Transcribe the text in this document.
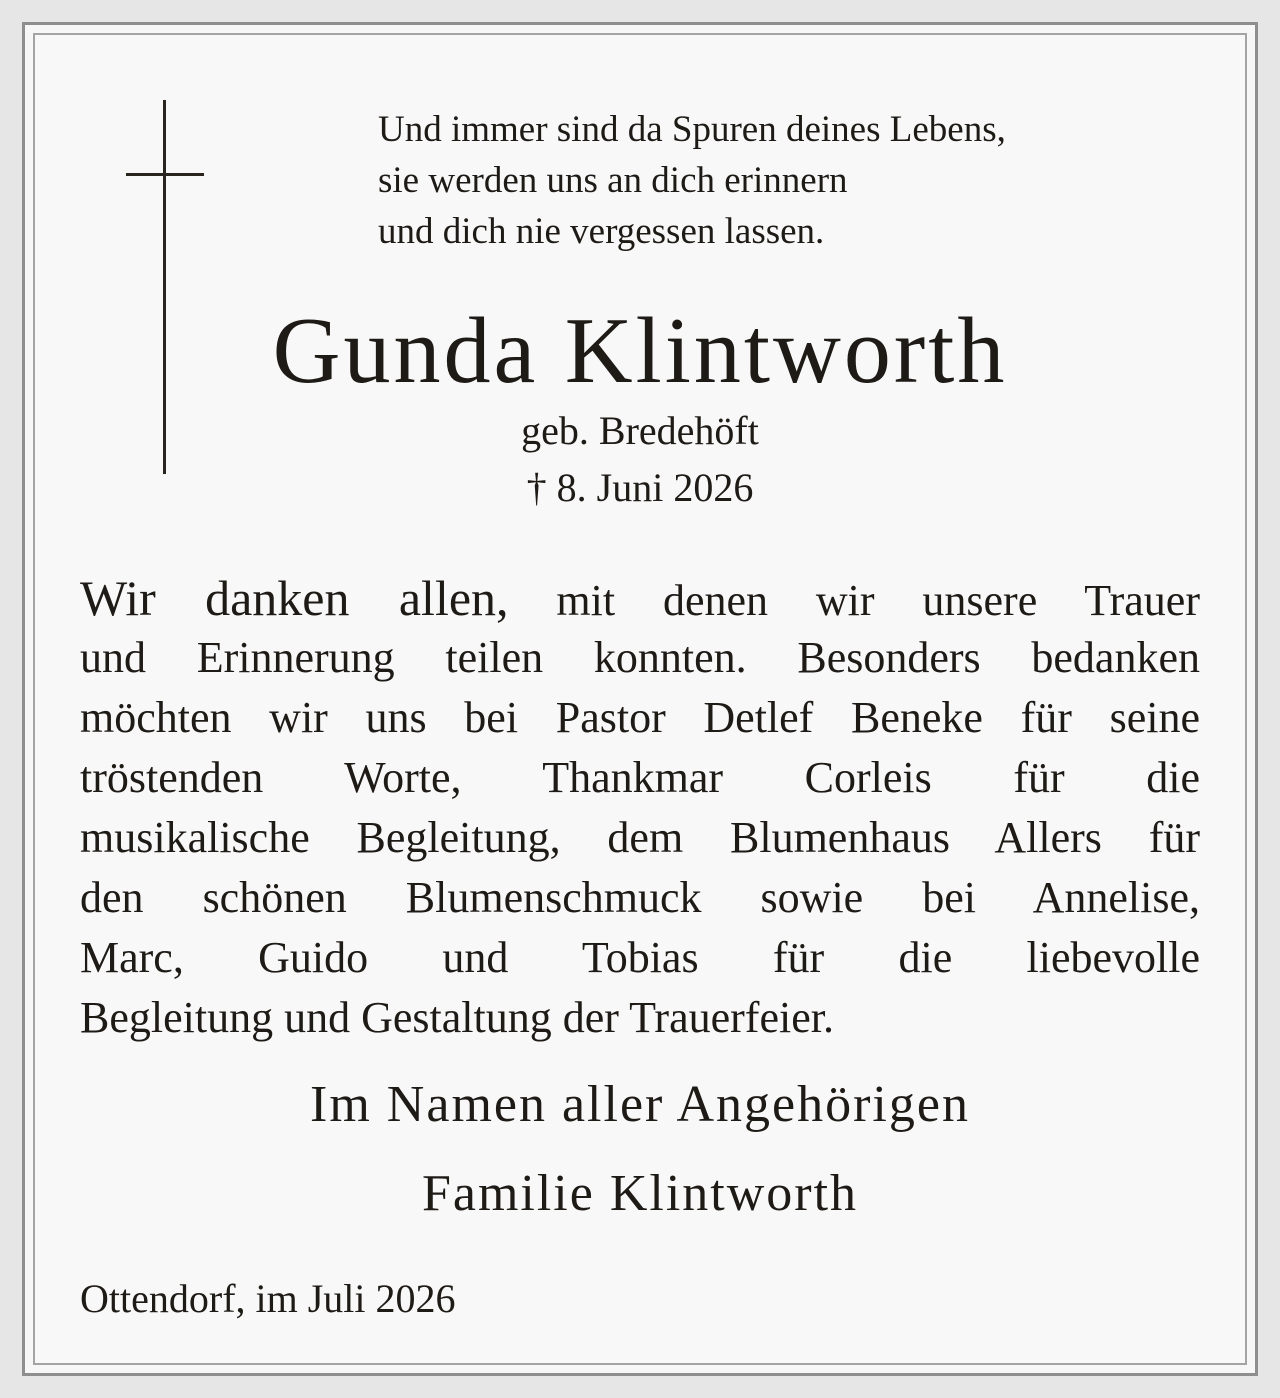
Und immer sind da Spuren deines Lebens,
sie werden uns an dich erinnern
und dich nie vergessen lassen.
Gunda Klintworth
geb. Bredehöft
† 8. Juni 2026
Wir danken allen, mit denen wir unsere Trauer
und Erinnerung teilen konnten. Besonders bedanken
möchten wir uns bei Pastor Detlef Beneke für seine
tröstenden Worte, Thankmar Corleis für die
musikalische Begleitung, dem Blumenhaus Allers für
den schönen Blumenschmuck sowie bei Annelise,
Marc, Guido und Tobias für die liebevolle
Begleitung und Gestaltung der Trauerfeier.
Im Namen aller Angehörigen
Familie Klintworth
Ottendorf, im Juli 2026
